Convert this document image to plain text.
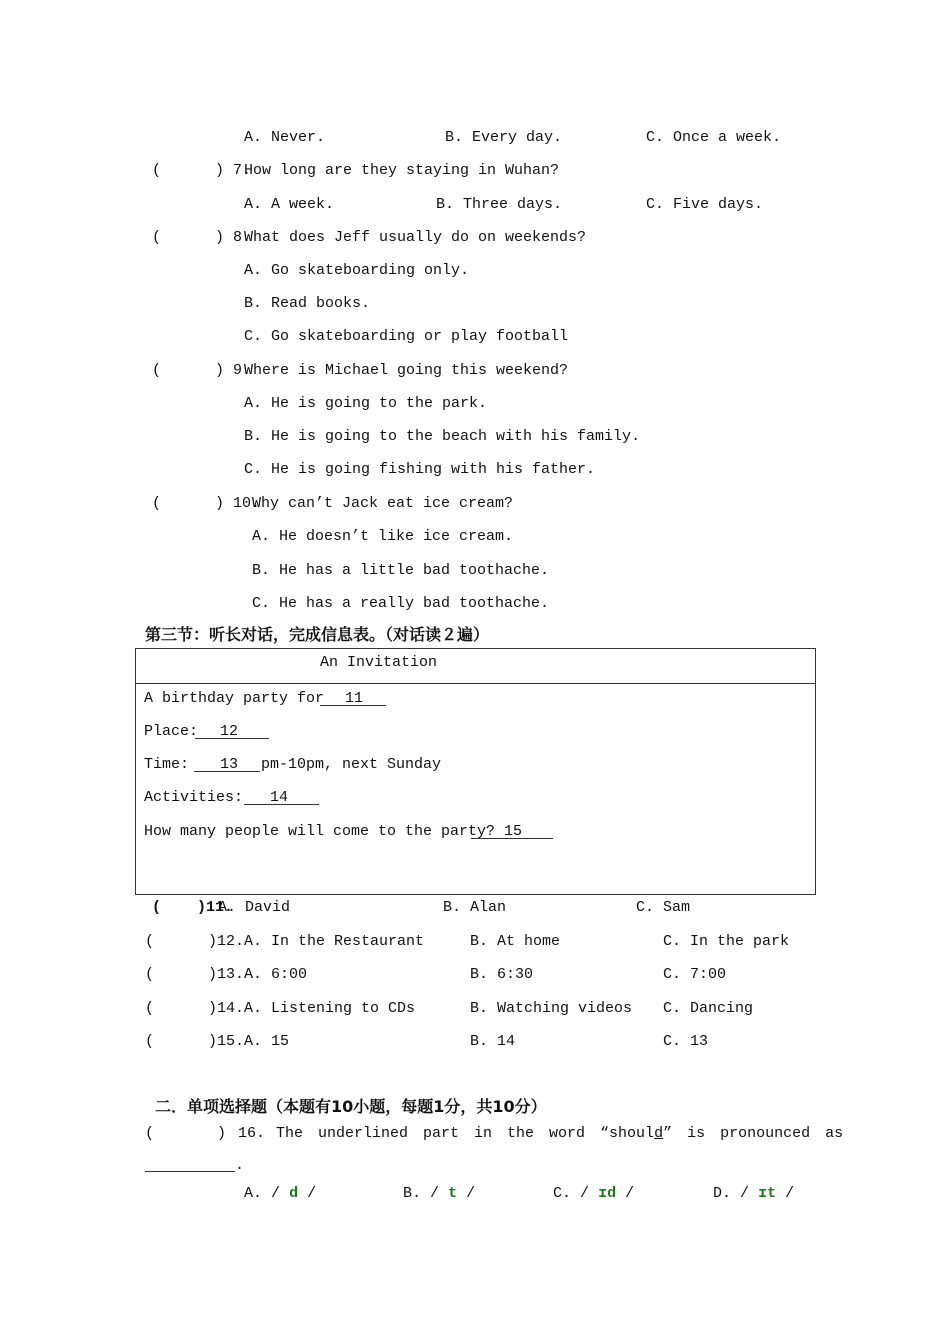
A. Never.	B. Every day.	C. Once a week.
(      ) 7.
How long are they staying in Wuhan?
A. A week.	B. Three days.	C. Five days.
(      ) 8.
What does Jeff usually do on weekends?
A. Go skateboarding only.
B. Read books.
C. Go skateboarding or play football
(      ) 9.
Where is Michael going this weekend?
A. He is going to the park.
B. He is going to the beach with his family.
C. He is going fishing with his father.
(      ) 10.
Why can’t Jack eat ice cream?
A. He doesn’t like ice cream.
B. He has a little bad toothache.
C. He has a really bad toothache.
第三节：听长对话，完成信息表。（对话读２遍）
An Invitation
A birthday party for 11
Place: 12
Time: 13 pm-10pm, next Sunday
Activities: 14
How many people will come to the party? 15
(    )11.
A. David	B. Alan	C. Sam
(      )12. A. In the Restaurant	B. At home	C. In the park
(      )13. A. 6:00	B. 6:30	C. 7:00
(      )14. A. Listening to CDs	B. Watching videos C. Dancing
(      )15. A. 15	B. 14	C. 13
二．单项选择题（本题有10小题，每题1分，共10分）
(       ) 16. The underlined part in the word “should” is pronounced as
.
A. / d /	B. / t /	C. / ɪd /	D. / ɪt /
